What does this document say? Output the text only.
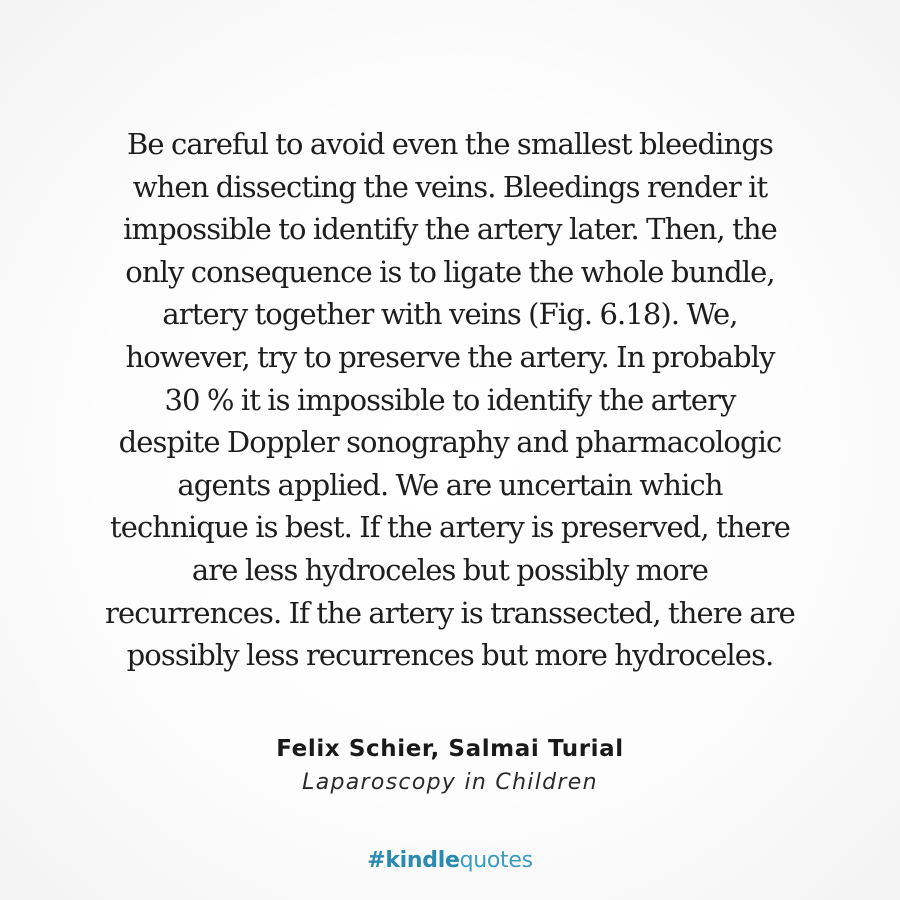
Be careful to avoid even the smallest bleedings
when dissecting the veins. Bleedings render it
impossible to identify the artery later. Then, the
only consequence is to ligate the whole bundle,
artery together with veins (Fig. 6.18). We,
however, try to preserve the artery. In probably
30 % it is impossible to identify the artery
despite Doppler sonography and pharmacologic
agents applied. We are uncertain which
technique is best. If the artery is preserved, there
are less hydroceles but possibly more
recurrences. If the artery is transsected, there are
possibly less recurrences but more hydroceles.

Felix Schier, Salmai Turial
Laparoscopy in Children
#kindlequotes
